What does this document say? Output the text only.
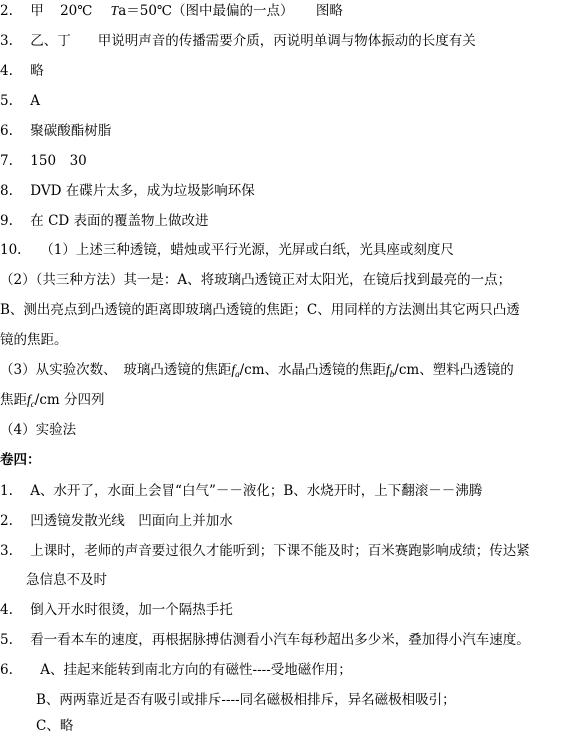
2. 甲 20℃ Ta＝50℃（图中最偏的一点） 图略
3. 乙、丁　　甲说明声音的传播需要介质，丙说明单调与物体振动的长度有关
4. 略
5. A
6. 聚碳酸酯树脂
7. 150　30
8. DVD 在碟片太多，成为垃圾影响环保
9. 在 CD 表面的覆盖物上做改进
10. （1）上述三种透镜，蜡烛或平行光源，光屏或白纸，光具座或刻度尺
（2）（共三种方法）其一是：A、将玻璃凸透镜正对太阳光，在镜后找到最亮的一点；
B、测出亮点到凸透镜的距离即玻璃凸透镜的焦距；C、用同样的方法测出其它两只凸透
镜的焦距。
（3）从实验次数、　玻璃凸透镜的焦距$f_a/cm$、水晶凸透镜的焦距$f_b/cm$、塑料凸透镜的
焦距$f_c/cm$ 分四列
（4）实验法
卷四：
1. A、水开了，水面上会冒“白气”－－液化；B、水烧开时，上下翻滚－－沸腾
2. 凹透镜发散光线　凹面向上并加水
3. 上课时，老师的声音要过很久才能听到；下课不能及时；百米赛跑影响成绩；传达紧
急信息不及时
4. 倒入开水时很烫，加一个隔热手托
5. 看一看本车的速度，再根据脉搏估测看小汽车每秒超出多少米，叠加得小汽车速度。
6. A、挂起来能转到南北方向的有磁性----受地磁作用；
B、两两靠近是否有吸引或排斥----同名磁极相排斥，异名磁极相吸引；
C、略
